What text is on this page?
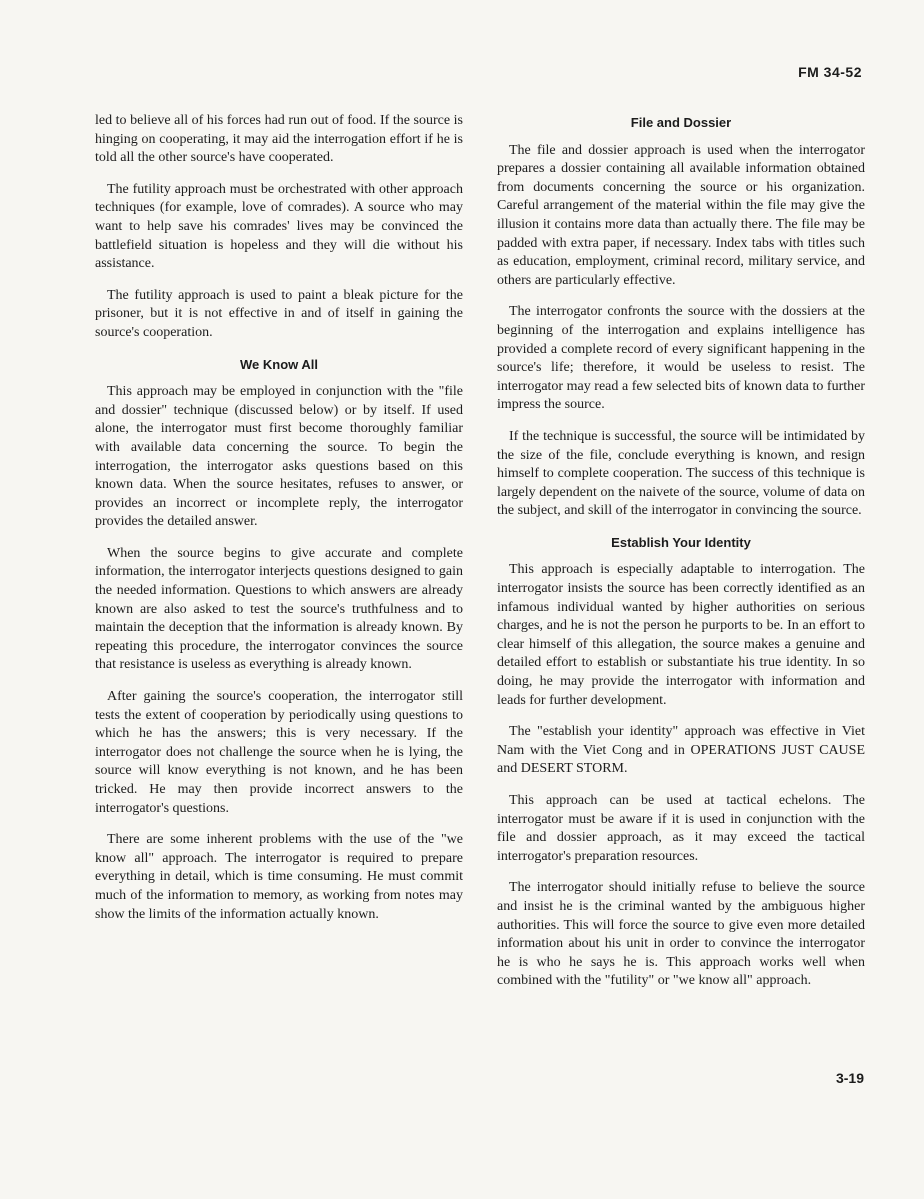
FM 34-52

led to believe all of his forces had run out of food. If the source is hinging on cooperating, it may aid the interrogation effort if he is told all the other source's have cooperated.

The futility approach must be orchestrated with other approach techniques (for example, love of comrades). A source who may want to help save his comrades' lives may be convinced the battlefield situation is hopeless and they will die without his assistance.

The futility approach is used to paint a bleak picture for the prisoner, but it is not effective in and of itself in gaining the source's cooperation.

We Know All

This approach may be employed in conjunction with the "file and dossier" technique (discussed below) or by itself. If used alone, the interrogator must first become thoroughly familiar with available data concerning the source. To begin the interrogation, the interrogator asks questions based on this known data. When the source hesitates, refuses to answer, or provides an incorrect or incomplete reply, the interrogator provides the detailed answer.

When the source begins to give accurate and complete information, the interrogator interjects questions designed to gain the needed information. Questions to which answers are already known are also asked to test the source's truthfulness and to maintain the deception that the information is already known. By repeating this procedure, the interrogator convinces the source that resistance is useless as everything is already known.

After gaining the source's cooperation, the interrogator still tests the extent of cooperation by periodically using questions to which he has the answers; this is very necessary. If the interrogator does not challenge the source when he is lying, the source will know everything is not known, and he has been tricked. He may then provide incorrect answers to the interrogator's questions.

There are some inherent problems with the use of the "we know all" approach. The interrogator is required to prepare everything in detail, which is time consuming. He must commit much of the information to memory, as working from notes may show the limits of the information actually known.

File and Dossier

The file and dossier approach is used when the interrogator prepares a dossier containing all available information obtained from documents concerning the source or his organization. Careful arrangement of the material within the file may give the illusion it contains more data than actually there. The file may be padded with extra paper, if necessary. Index tabs with titles such as education, employment, criminal record, military service, and others are particularly effective.

The interrogator confronts the source with the dossiers at the beginning of the interrogation and explains intelligence has provided a complete record of every significant happening in the source's life; therefore, it would be useless to resist. The interrogator may read a few selected bits of known data to further impress the source.

If the technique is successful, the source will be intimidated by the size of the file, conclude everything is known, and resign himself to complete cooperation. The success of this technique is largely dependent on the naivete of the source, volume of data on the subject, and skill of the interrogator in convincing the source.

Establish Your Identity

This approach is especially adaptable to interrogation. The interrogator insists the source has been correctly identified as an infamous individual wanted by higher authorities on serious charges, and he is not the person he purports to be. In an effort to clear himself of this allegation, the source makes a genuine and detailed effort to establish or substantiate his true identity. In so doing, he may provide the interrogator with information and leads for further development.

The "establish your identity" approach was effective in Viet Nam with the Viet Cong and in OPERATIONS JUST CAUSE and DESERT STORM.

This approach can be used at tactical echelons. The interrogator must be aware if it is used in conjunction with the file and dossier approach, as it may exceed the tactical interrogator's preparation resources.

The interrogator should initially refuse to believe the source and insist he is the criminal wanted by the ambiguous higher authorities. This will force the source to give even more detailed information about his unit in order to convince the interrogator he is who he says he is. This approach works well when combined with the "futility" or "we know all" approach.

3-19
